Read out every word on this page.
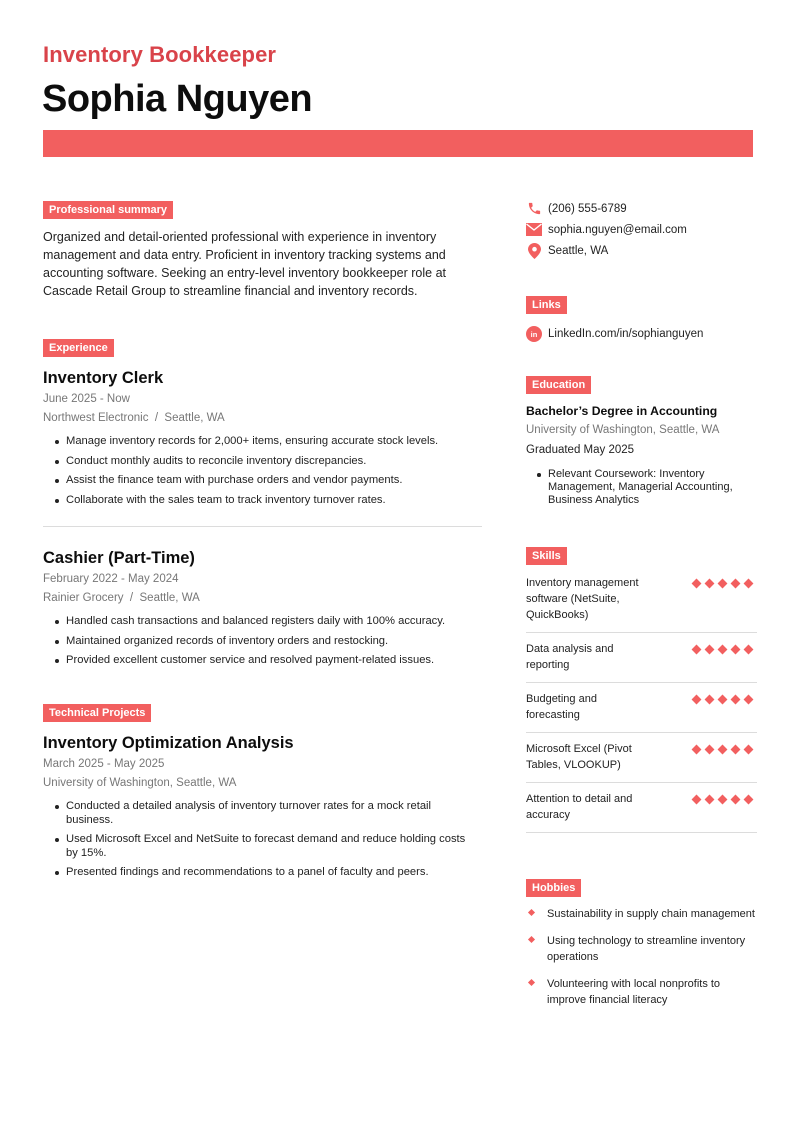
Inventory Bookkeeper
Sophia Nguyen
Professional summary

Organized and detail-oriented professional with experience in inventory management and data entry. Proficient in inventory tracking systems and accounting software. Seeking an entry-level inventory bookkeeper role at Cascade Retail Group to streamline financial and inventory records.

Experience
Inventory Clerk
June 2025 - Now
Northwest Electronic  /  Seattle, WA
Manage inventory records for 2,000+ items, ensuring accurate stock levels.
Conduct monthly audits to reconcile inventory discrepancies.
Assist the finance team with purchase orders and vendor payments.
Collaborate with the sales team to track inventory turnover rates.
Cashier (Part-Time)
February 2022 - May 2024
Rainier Grocery  /  Seattle, WA
Handled cash transactions and balanced registers daily with 100% accuracy.
Maintained organized records of inventory orders and restocking.
Provided excellent customer service and resolved payment-related issues.
Technical Projects
Inventory Optimization Analysis
March 2025 - May 2025
University of Washington, Seattle, WA
Conducted a detailed analysis of inventory turnover rates for a mock retail business.
Used Microsoft Excel and NetSuite to forecast demand and reduce holding costs by 15%.
Presented findings and recommendations to a panel of faculty and peers.
(206) 555-6789
sophia.nguyen@email.com
Seattle, WA
Links
in LinkedIn.com/in/sophianguyen
Education
Bachelor’s Degree in Accounting
University of Washington, Seattle, WA
Graduated May 2025
Relevant Coursework: Inventory Management, Managerial Accounting, Business Analytics
Skills
Inventory management software (NetSuite, QuickBooks)
Data analysis and reporting
Budgeting and forecasting
Microsoft Excel (Pivot Tables, VLOOKUP)
Attention to detail and accuracy
Hobbies
Sustainability in supply chain management
Using technology to streamline inventory operations
Volunteering with local nonprofits to improve financial literacy
